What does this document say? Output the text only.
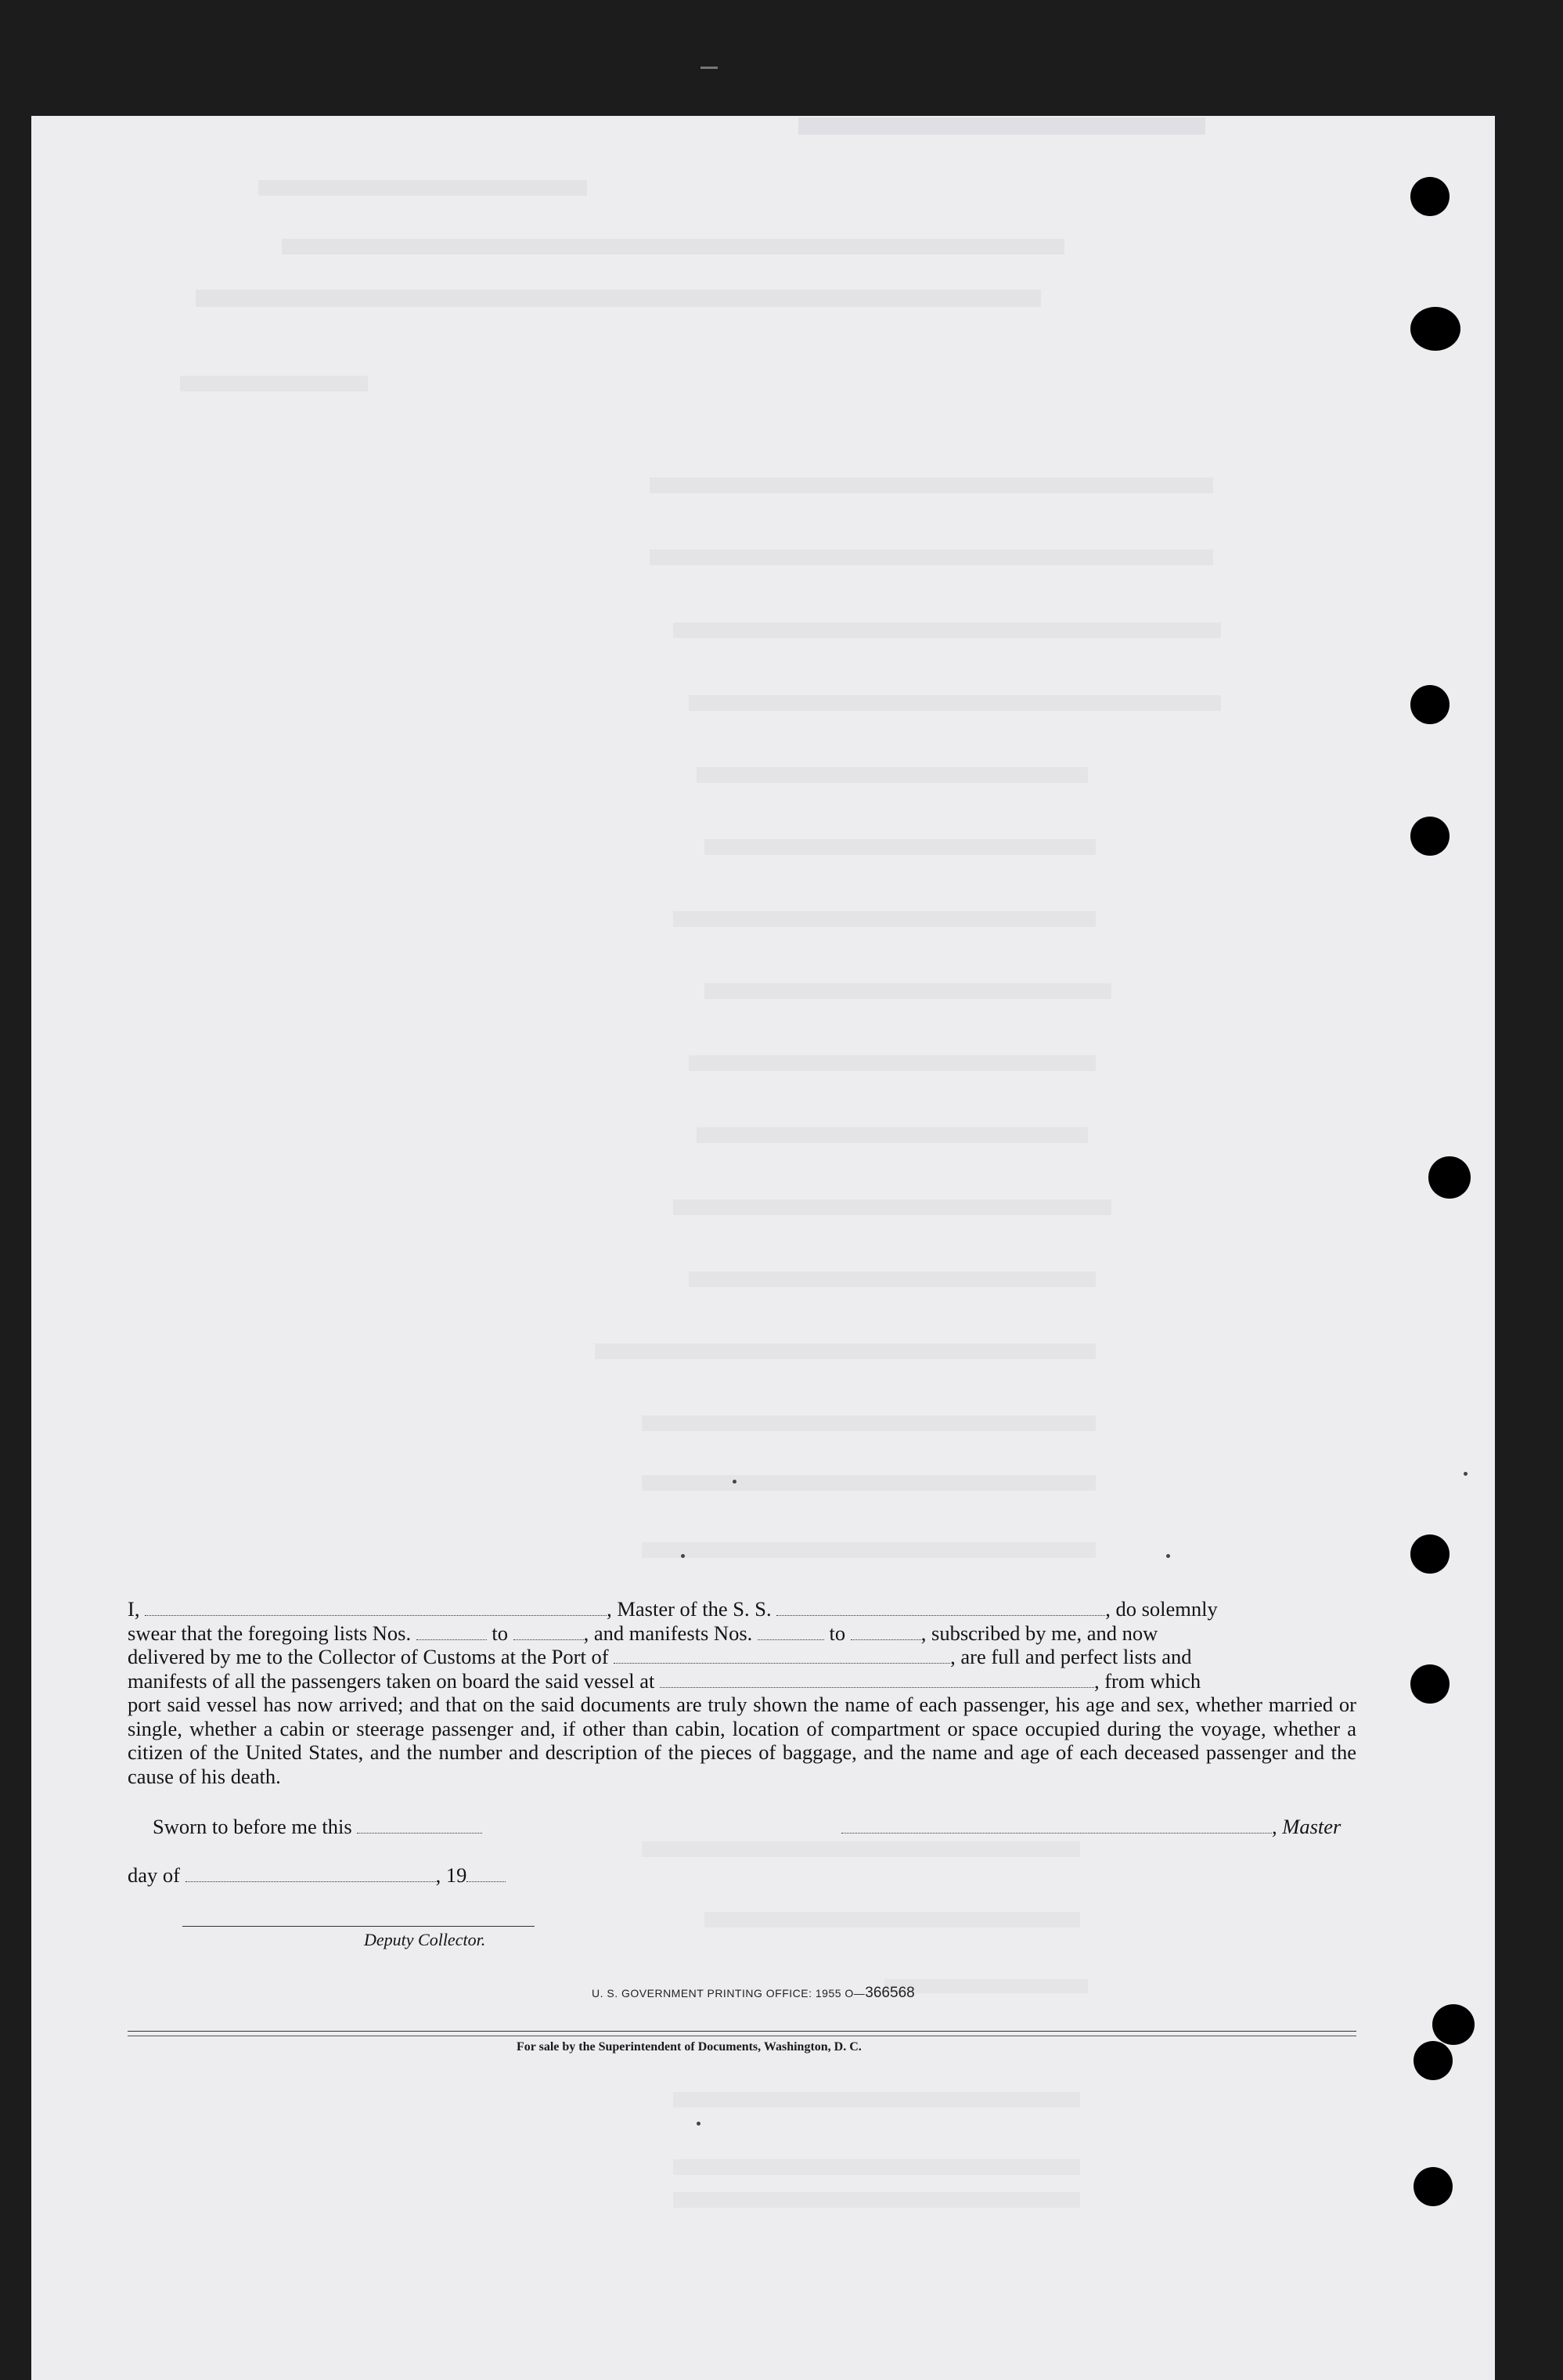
I,	, Master of the S. S.	, do solemnly

swear that the foregoing lists Nos.	to	, and manifests Nos.	to	, subscribed by me, and now

delivered by me to the Collector of Customs at the Port of	, are full and perfect lists and

manifests of all the passengers taken on board the said vessel at	, from which

port said vessel has now arrived; and that on the said documents are truly shown the name of each passenger, his age and sex, whether married or single, whether a cabin or steerage passenger and, if other than cabin, location of compartment or space occupied during the voyage, whether a citizen of the United States, and the number and description of the pieces of baggage, and the name and age of each deceased passenger and the cause of his death.

Sworn to before me this	, Master
day of	, 19
Deputy Collector.
U. S. GOVERNMENT PRINTING OFFICE: 1955 O—366568
For sale by the Superintendent of Documents, Washington, D. C.
